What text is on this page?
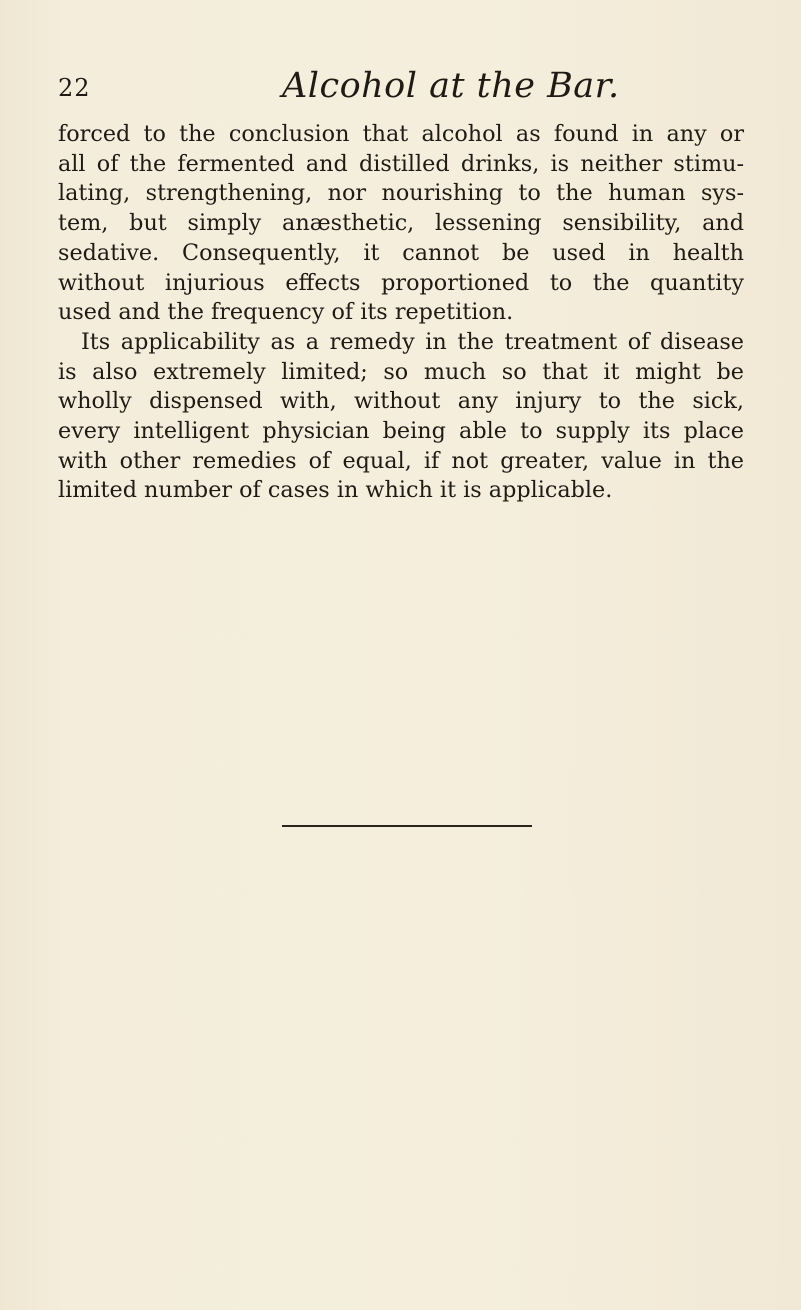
22	Alcohol at the Bar.

forced to the conclusion that alcohol as found in any or
all of the fermented and distilled drinks, is neither stimu-
lating, strengthening, nor nourishing to the human sys-
tem, but simply anæsthetic, lessening sensibility, and
sedative. Consequently, it cannot be used in health
without injurious effects proportioned to the quantity
used and the frequency of its repetition.

Its applicability as a remedy in the treatment of disease
is also extremely limited; so much so that it might be
wholly dispensed with, without any injury to the sick,
every intelligent physician being able to supply its place
with other remedies of equal, if not greater, value in the
limited number of cases in which it is applicable.
